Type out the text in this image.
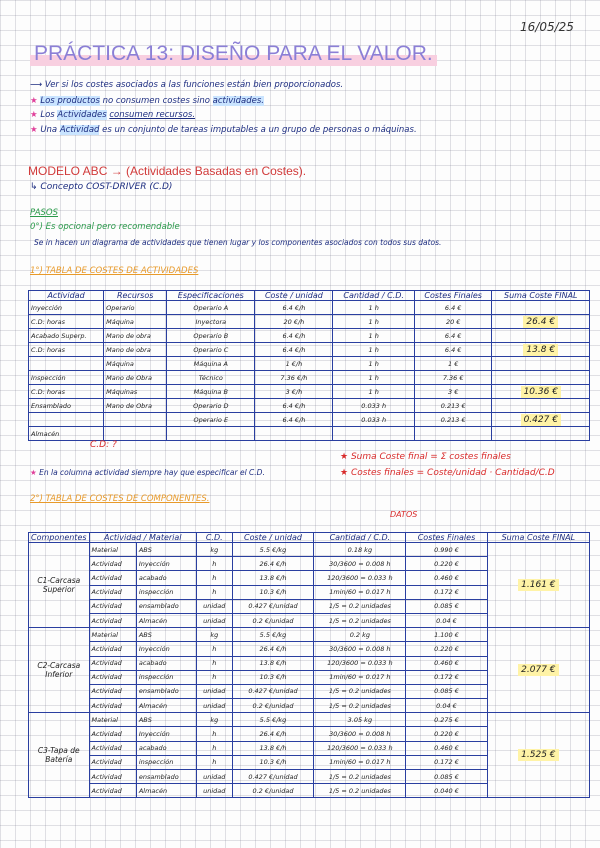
16/05/25
PRÁCTICA 13: DISEÑO PARA EL VALOR.
⟶ Ver si los costes asociados a las funciones están bien proporcionados.
★ Los productos no consumen costes sino actividades.
★ Los Actividades consumen recursos.
★ Una Actividad es un conjunto de tareas imputables a un grupo de personas o máquinas.
MODELO ABC → (Actividades Basadas en Costes).
↳ Concepto COST-DRIVER (C.D)
PASOS
0°) Es opcional pero recomendable
Se in hacen un diagrama de actividades que tienen lugar y los componentes asociados con todos sus datos.
1°) TABLA DE COSTES DE ACTIVIDADES
Actividad	Recursos	Especificaciones	Coste / unidad	Cantidad / C.D.	Costes Finales	Suma Coste FINAL
Inyección	Operario	Operario A	6.4 €/h	1 h	6.4 €	
C.D: horas	Máquina	Inyectora	20 €/h	1 h	20 €	26.4 €
Acabado Superp.	Mano de obra	Operario B	6.4 €/h	1 h	6.4 €	
C.D: horas	Mano de obra	Operario C	6.4 €/h	1 h	6.4 €	13.8 €
	Máquina	Máquina A	1 €/h	1 h	1 €	
Inspección	Mano de Obra	Técnico	7.36 €/h	1 h	7.36 €	
C.D: horas	Máquinas	Máquina B	3 €/h	1 h	3 €	10.36 €
Ensamblado	Mano de Obra	Operario D	6.4 €/h	0.033 h	0.213 €	
		Operario E	6.4 €/h	0.033 h	0.213 €	0.427 €
Almacén						
C.D: ?
★ En la columna actividad siempre hay que especificar el C.D.
★ Suma Coste final = Σ costes finales
★ Costes finales = Coste/unidad · Cantidad/C.D
2°) TABLA DE COSTES DE COMPONENTES.
DATOS
Componentes	Actividad / Material		C.D.	Coste / unidad	Cantidad / C.D.	Costes Finales	Suma Coste FINAL
C1-Carcasa Superior	Material	ABS	kg	5.5 €/kg	0.18 kg	0.990 €	1.161 €
	Actividad	Inyección	h	26.4 €/h	30/3600 = 0.008 h	0.220 €	
	Actividad	acabado	h	13.8 €/h	120/3600 = 0.033 h	0.460 €	
	Actividad	inspección	h	10.3 €/h	1min/60 = 0.017 h	0.172 €	
	Actividad	ensamblado	unidad	0.427 €/unidad	1/5 = 0.2 unidades	0.085 €	
	Actividad	Almacén	unidad	0.2 €/unidad	1/5 = 0.2 unidades	0.04 €	
C2-Carcasa Inferior	Material	ABS	kg	5.5 €/kg	0.2 kg	1.100 €	2.077 €
	Actividad	Inyección	h	26.4 €/h	30/3600 = 0.008 h	0.220 €	
	Actividad	acabado	h	13.8 €/h	120/3600 = 0.033 h	0.460 €	
	Actividad	inspección	h	10.3 €/h	1min/60 = 0.017 h	0.172 €	
	Actividad	ensamblado	unidad	0.427 €/unidad	1/5 = 0.2 unidades	0.085 €	
	Actividad	Almacén	unidad	0.2 €/unidad	1/5 = 0.2 unidades	0.04 €	
C3-Tapa de Batería	Material	ABS	kg	5.5 €/kg	3.05 kg	0.275 €	1.525 €
	Actividad	Inyección	h	26.4 €/h	30/3600 = 0.008 h	0.220 €	
	Actividad	acabado	h	13.8 €/h	120/3600 = 0.033 h	0.460 €	
	Actividad	inspección	h	10.3 €/h	1min/60 = 0.017 h	0.172 €	
	Actividad	ensamblado	unidad	0.427 €/unidad	1/5 = 0.2 unidades	0.085 €	
	Actividad	Almacén	unidad	0.2 €/unidad	1/5 = 0.2 unidades	0.040 €	
